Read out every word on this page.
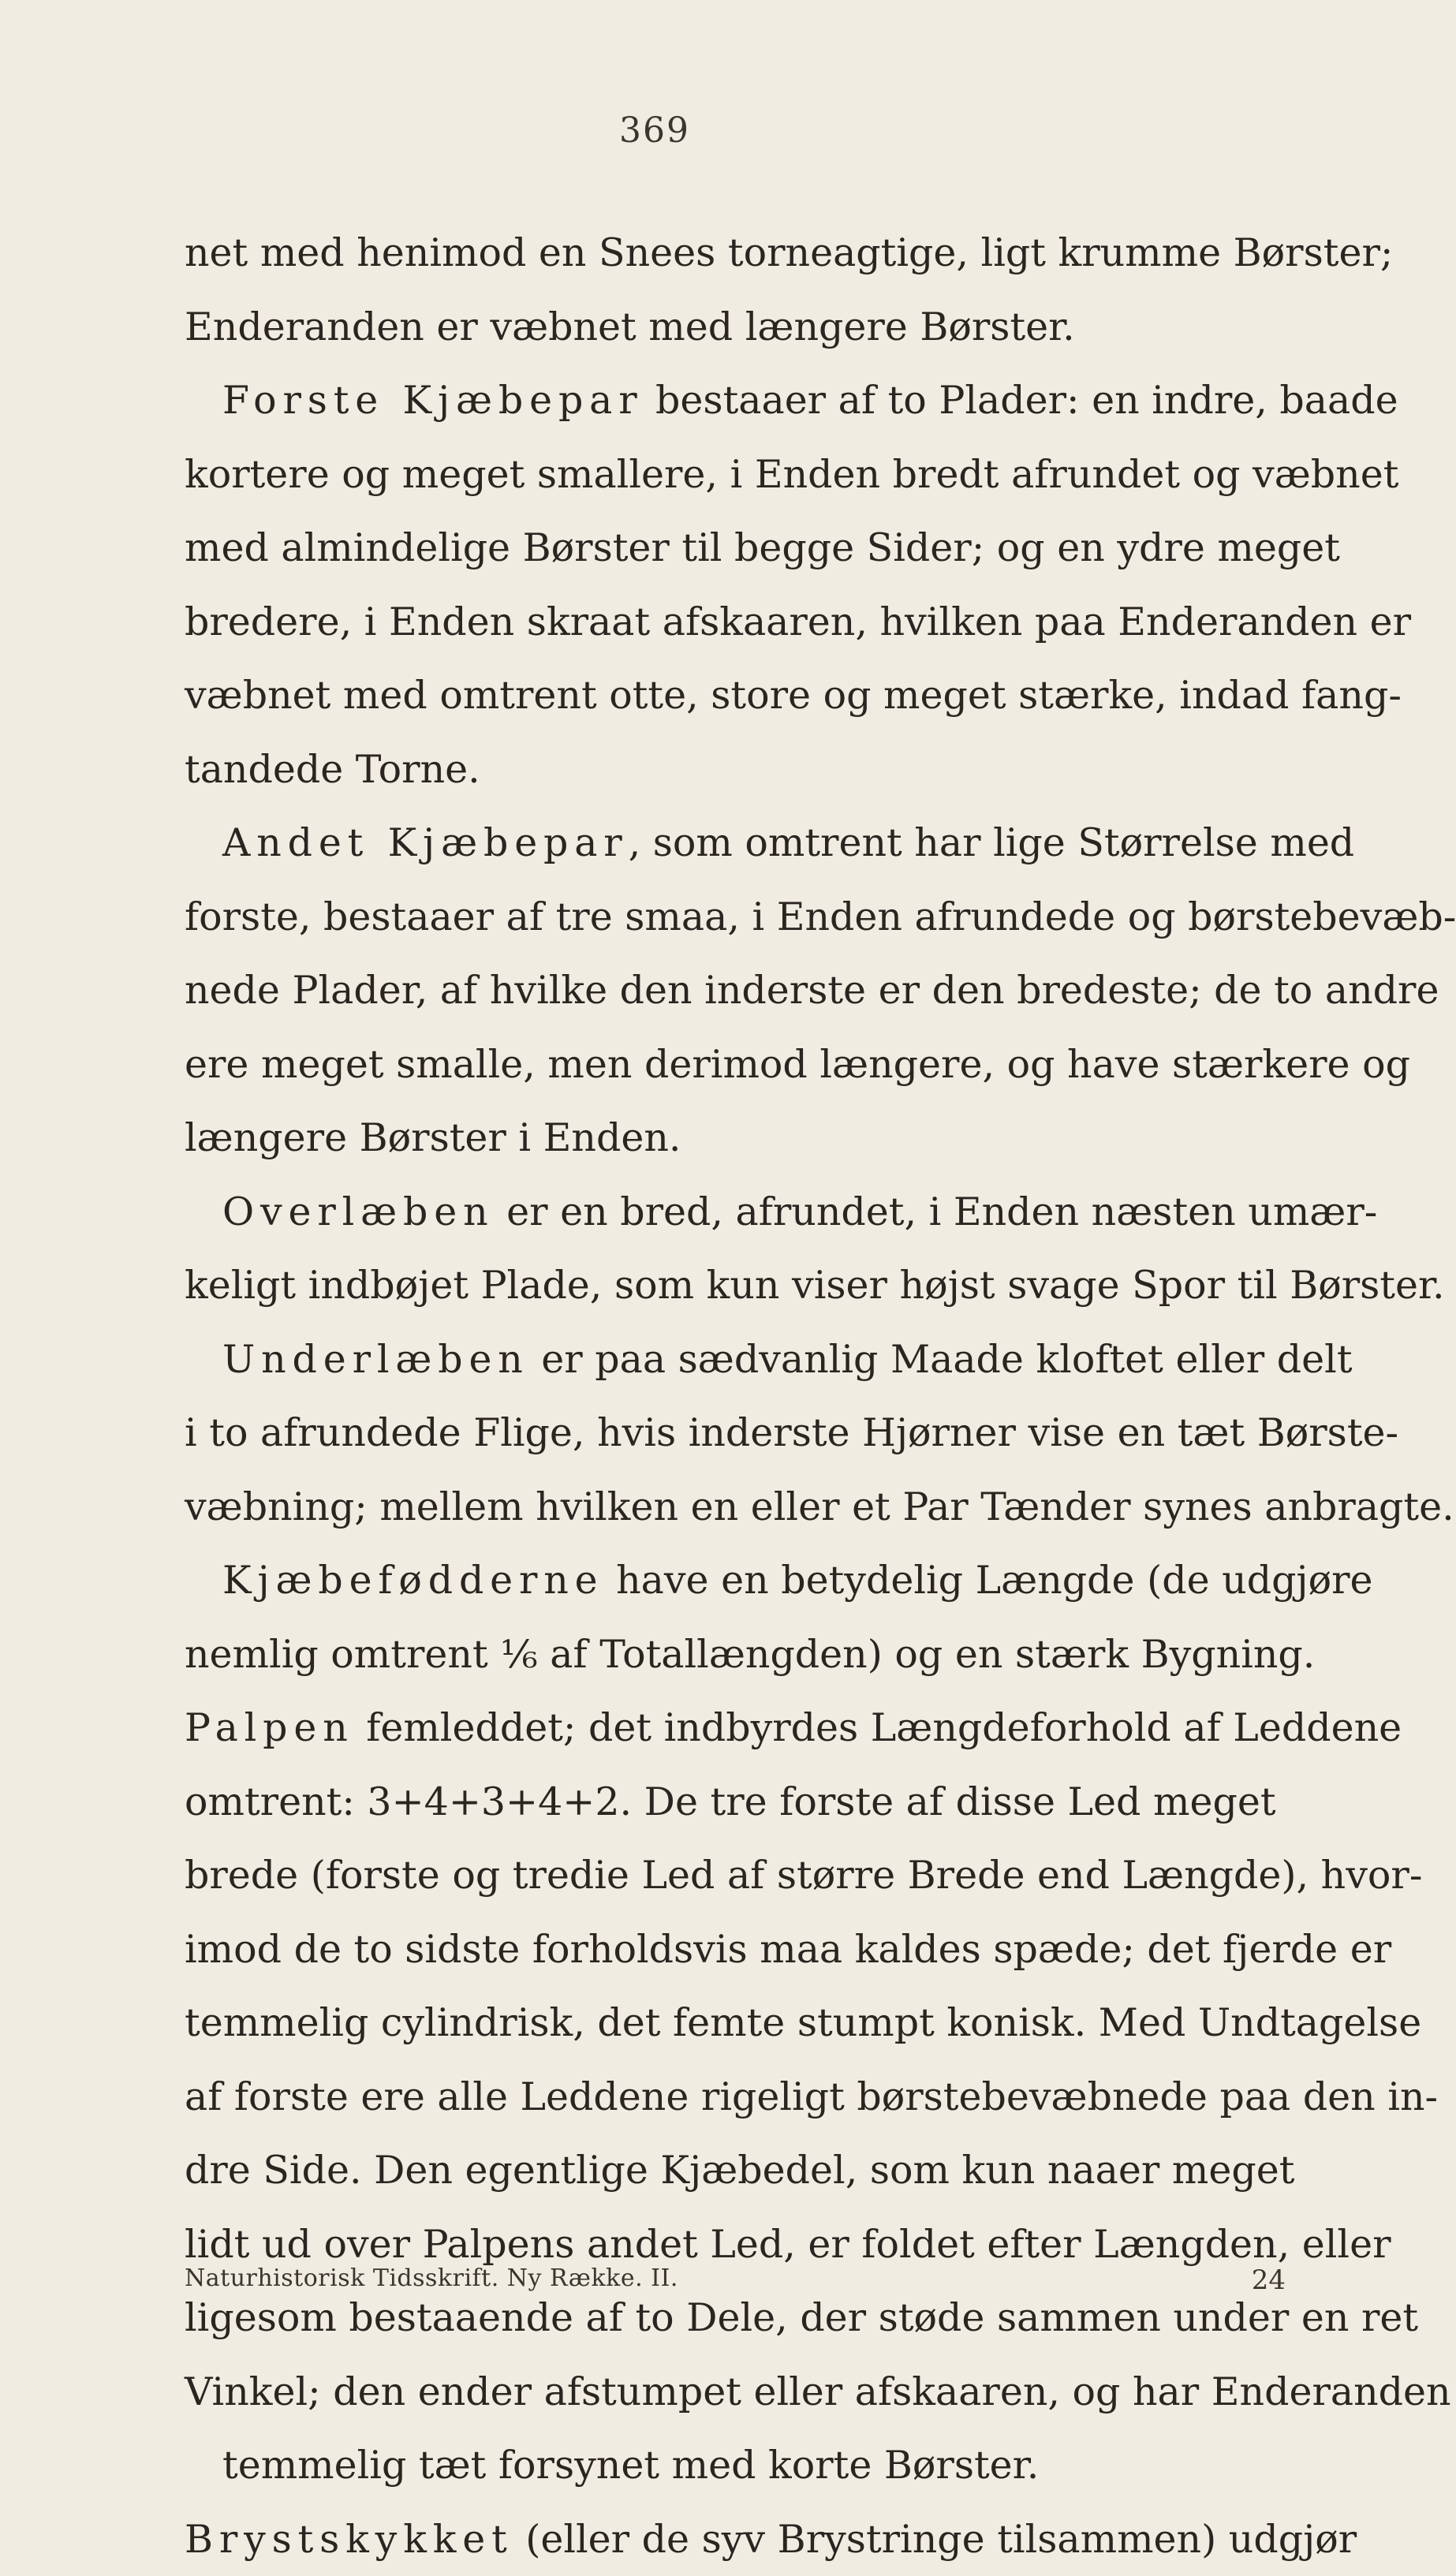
369
net med henimod en Snees torneagtige, ligt krumme Børster;
Enderanden er væbnet med længere Børster.
Forste Kjæbepar bestaaer af to Plader: en indre, baade
kortere og meget smallere, i Enden bredt afrundet og væbnet
med almindelige Børster til begge Sider; og en ydre meget
bredere, i Enden skraat afskaaren, hvilken paa Enderanden er
væbnet med omtrent otte, store og meget stærke, indad fang-
tandede Torne.
Andet Kjæbepar, som omtrent har lige Størrelse med
forste, bestaaer af tre smaa, i Enden afrundede og børstebevæb-
nede Plader, af hvilke den inderste er den bredeste; de to andre
ere meget smalle, men derimod længere, og have stærkere og
længere Børster i Enden.
Overlæben er en bred, afrundet, i Enden næsten umær-
keligt indbøjet Plade, som kun viser højst svage Spor til Børster.
Underlæben er paa sædvanlig Maade kloftet eller delt
i to afrundede Flige, hvis inderste Hjørner vise en tæt Børste-
væbning; mellem hvilken en eller et Par Tænder synes anbragte.
Kjæbefødderne have en betydelig Længde (de udgjøre
nemlig omtrent ⅙ af Totallængden) og en stærk Bygning.
Palpen femleddet; det indbyrdes Længdeforhold af Leddene
omtrent: 3+4+3+4+2. De tre forste af disse Led meget
brede (forste og tredie Led af større Brede end Længde), hvor-
imod de to sidste forholdsvis maa kaldes spæde; det fjerde er
temmelig cylindrisk, det femte stumpt konisk. Med Undtagelse
af forste ere alle Leddene rigeligt børstebevæbnede paa den in-
dre Side. Den egentlige Kjæbedel, som kun naaer meget
lidt ud over Palpens andet Led, er foldet efter Længden, eller
ligesom bestaaende af to Dele, der støde sammen under en ret
Vinkel; den ender afstumpet eller afskaaren, og har Enderanden
temmelig tæt forsynet med korte Børster.
Brystskykket (eller de syv Brystringe tilsammen) udgjør
Naturhistorisk Tidsskrift. Ny Række. II.	24
